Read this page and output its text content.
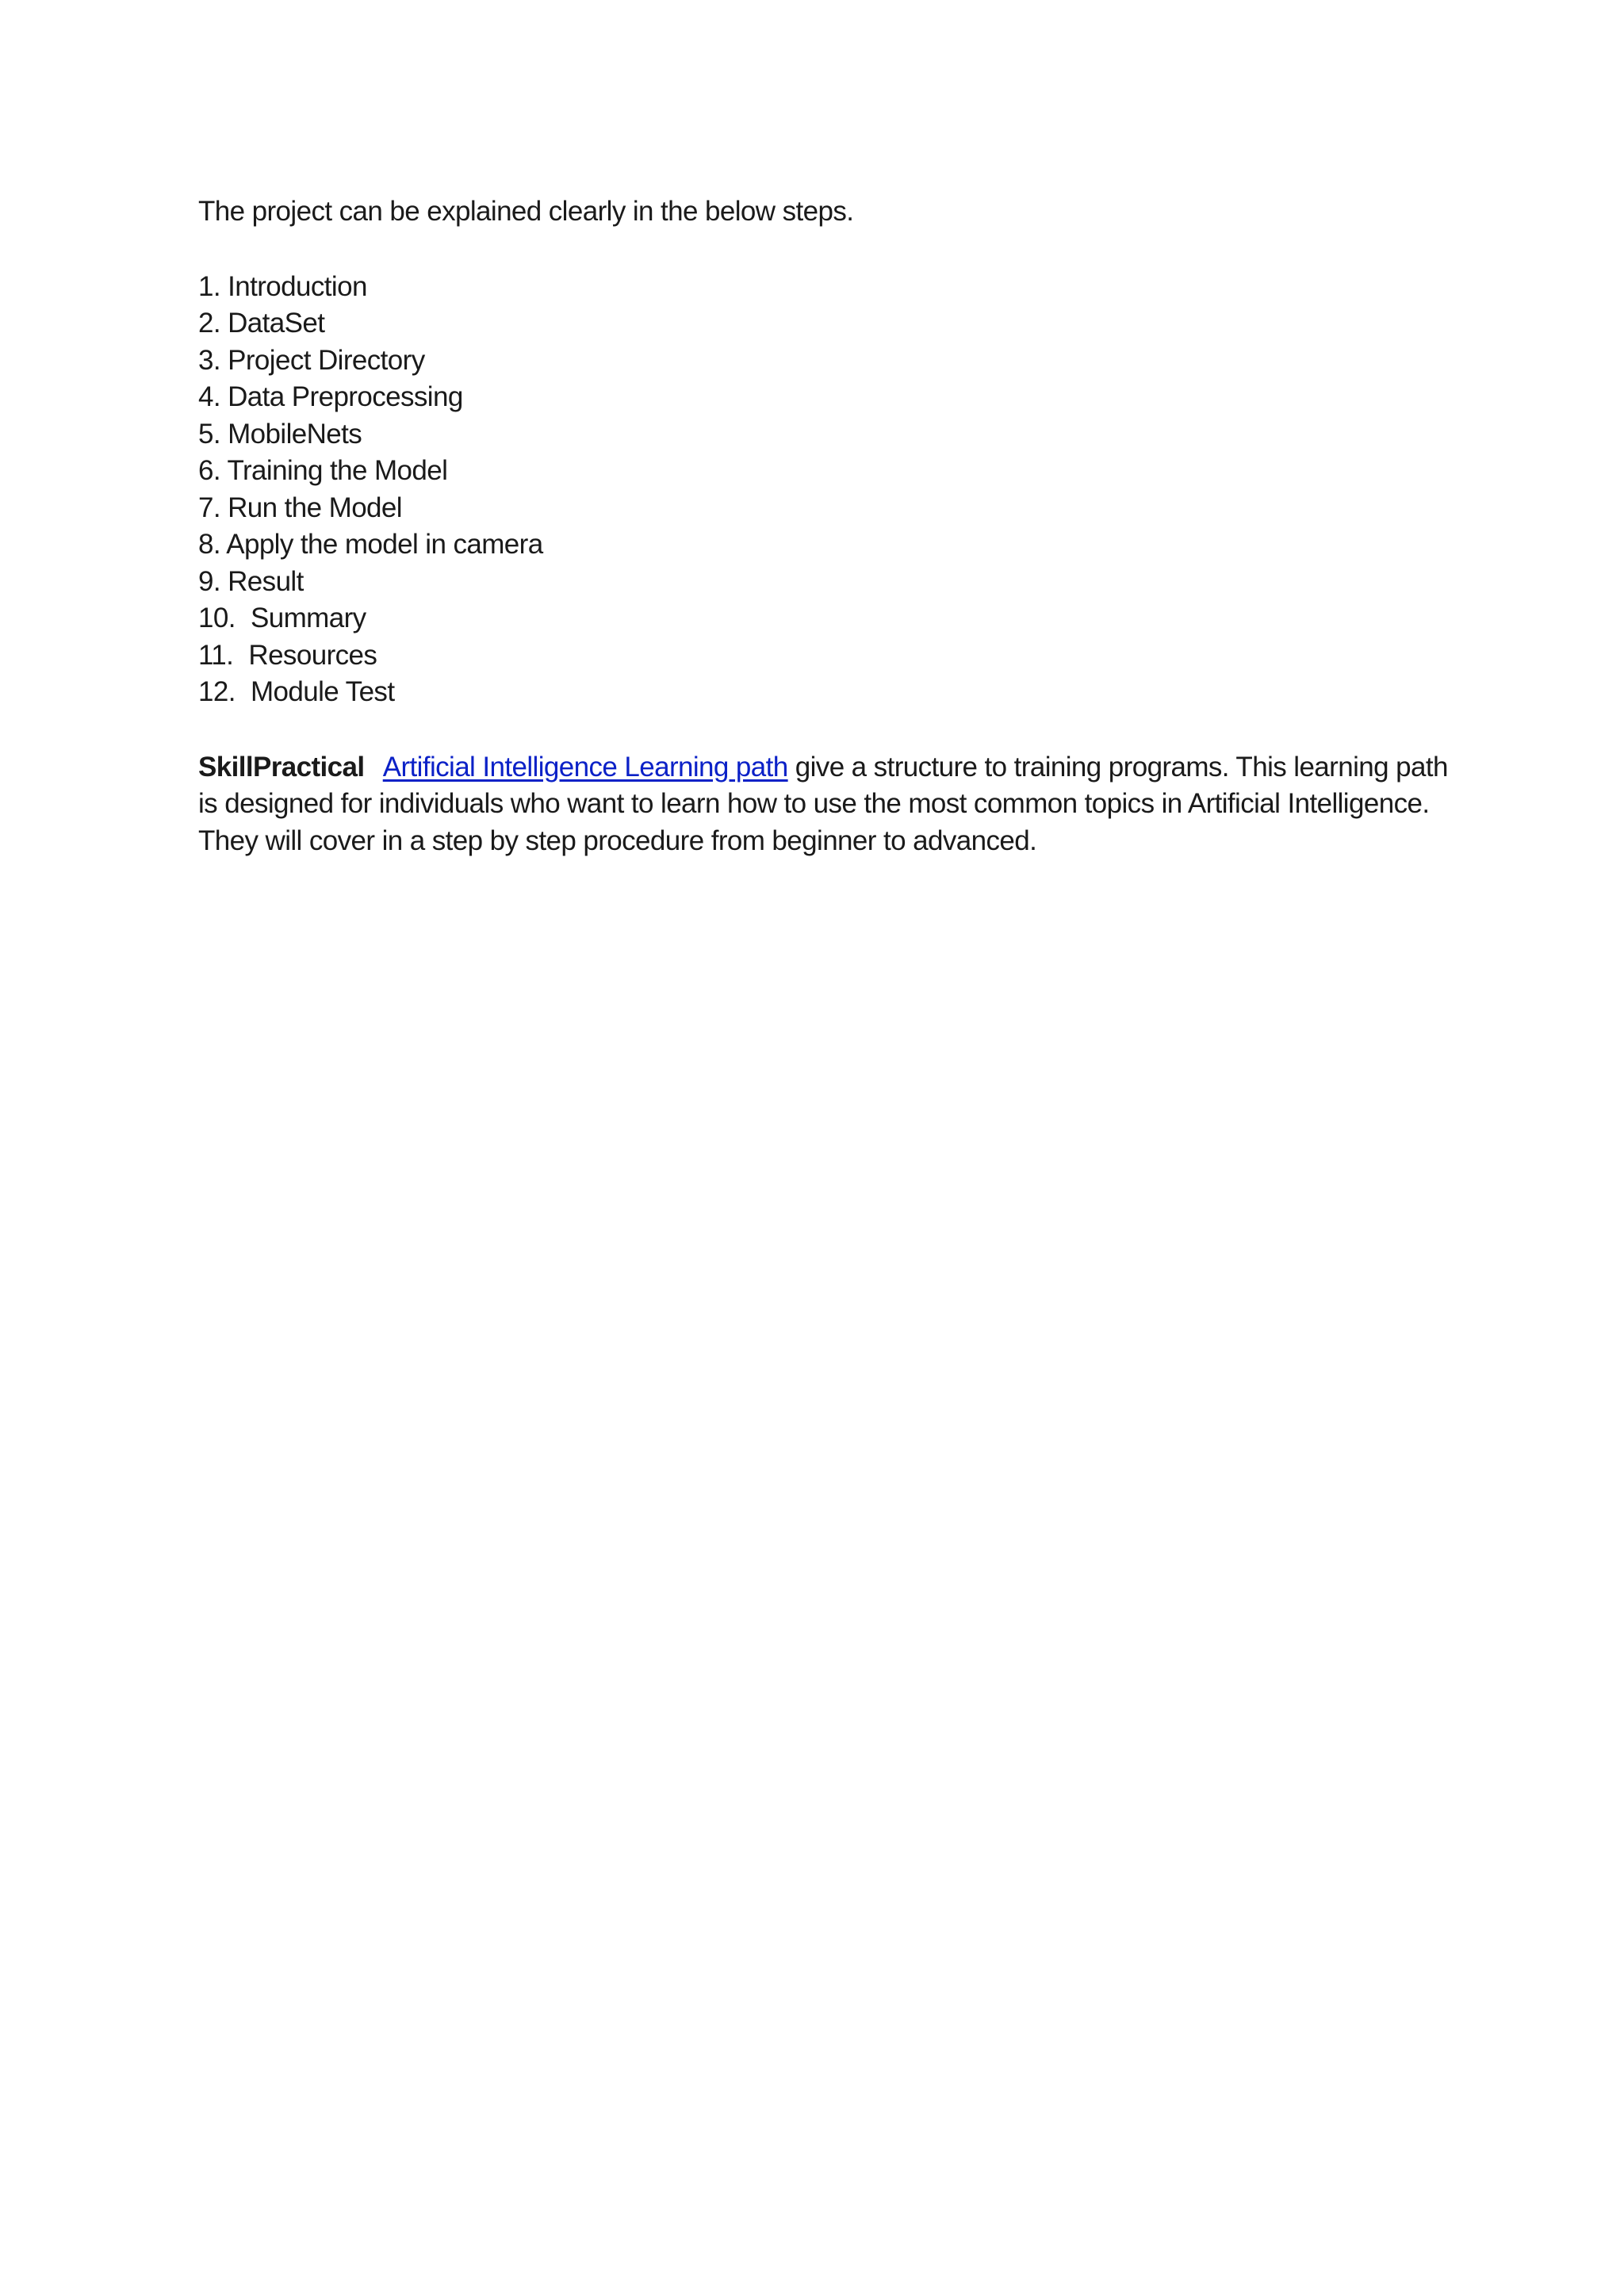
The project can be explained clearly in the below steps.

1. Introduction
2. DataSet
3. Project Directory
4. Data Preprocessing
5. MobileNets
6. Training the Model
7. Run the Model
8. Apply the model in camera
9. Result
10. Summary
11. Resources
12. Module Test

SkillPractical Artificial Intelligence Learning path give a structure to training programs. This learning path is designed for individuals who want to learn how to use the most common topics in Artificial Intelligence. They will cover in a step by step procedure from beginner to advanced.
